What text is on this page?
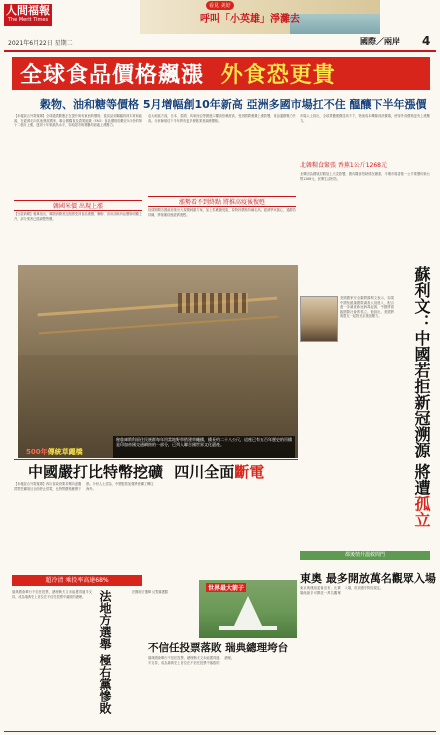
人間福報
The Merit Times
看見 美好
呼叫「小英雄」淨灘去
2021年6月22日 星期二	國際／兩岸 4
全球食品價格飆漲 外食恐更貴
穀物、油和糖等價格 5月增幅創10年新高 亞洲多國市場扛不住 醞釀下半年漲價
【本報綜合外電報導】全球通貨膨脹正在提升與有東西的價格，從食品到鋼鐵再到木材和能源，在經濟走向其他發展國家，聯合國糧食及農業組織（FAO）食品價格指數在5月份的第十二個月上漲，達到十年來最高水平，各地超市與餐廳均面臨上漲壓力。
韓國米價 出現上漲
【日經新聞】報導指出，韓國消費者近期感受到食品漲價，麵粉、食用油與肉品價格明顯上升，部分業者已經調整售價。
亞太地區方面，日本、泰國、馬來西亞等國進口糧食依賴度高，受到國際運費上漲影響，食品通膨壓力升高。分析師預估下半年將有更多餐飲業者調漲價格。
漲勢看不到終點 將推高疫後復甦
疫情期間各國政府推出大規模刺激方案，加上供應鏈受阻，原物料價格持續走高。經濟學家擔心，通膨若持續，將拖累疫後經濟復甦。
市場人士指出，全球貨櫃運費居高不下，物流成本轉嫁到消費端，使得外食價格更有上漲壓力。
北韓糧食緊張 香蕉1公斤1268元
北韓因為國境封鎖加上天災影響，國內糧食短缺情況嚴重，平壤市場香蕉一公斤要價約新台幣1268元，民眾生活困苦。
500年傳統草繩橋
秘魯庫斯科原住民族群每年用當地野草搭建草繩橋，橋長約二十八公尺，這座已有五百年歷史的吊橋是印加帝國交通網絡的一部分，已列入聯合國世界文化遺產。
中國嚴打比特幣挖礦 四川全面斷電
【本報綜合外電報導】四川省政府要求轄內虛擬貨幣挖礦項目全面停止供電，比特幣價格應聲下跌。分析人士認為，中國監管加強將使礦工轉往海外。
美國國家安全顧問蘇利文表示，如果中國拒絕讓國際調查人員進入，配合進一步調查新冠病毒起源，中國將面臨國際社會的孤立。他指出，美國將與盟友一起對北京施加壓力。	蘇利文：中國若拒新冠溯源 將遭孤立
都後情升溫救問門
超冷清 乘投率高達68%
瑞典國會舉行不信任投票，總理勒夫文未能獲得過半支持，成為瑞典史上首位在不信任投票中落敗的總理。	法地方選舉 極右黨慘敗	法國地方選舉 反對黨獲勝	世界最大箭子
不信任投票落敗 瑞典總理垮台
瑞典國會舉行不信任投票，總理勒夫文未能獲得過半支持，成為瑞典史上首位在不信任投票中落敗的總理。
東奧 最多開放萬名觀眾入場
東京奧運組委會宣布，比賽場館最多可開放一萬名觀眾入場，但須遵守防疫規定。
